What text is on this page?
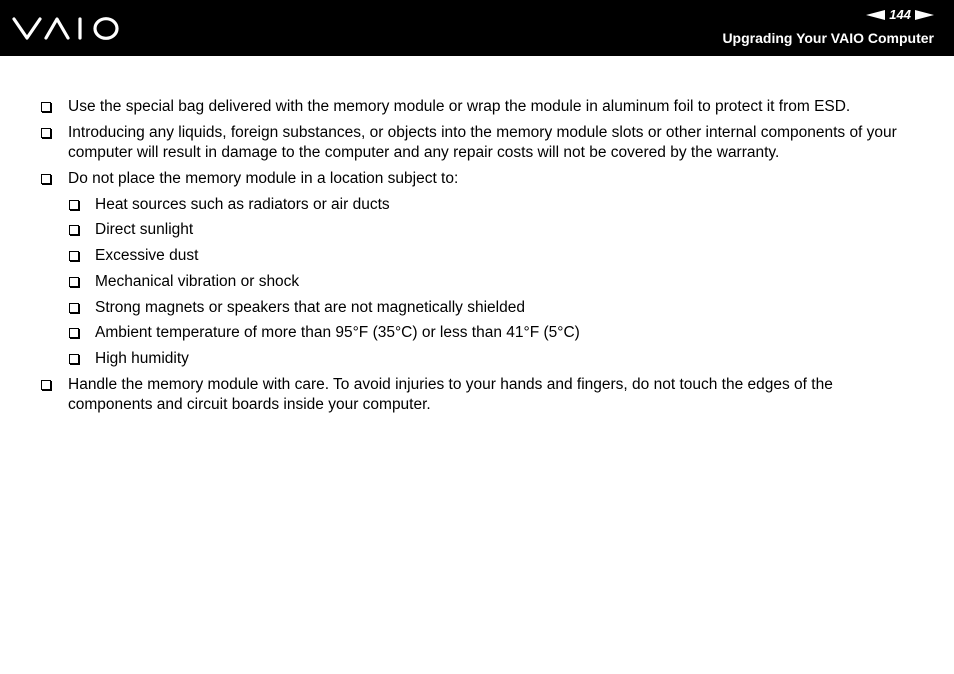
144
Upgrading Your VAIO Computer
Use the special bag delivered with the memory module or wrap the module in aluminum foil to protect it from ESD.
Introducing any liquids, foreign substances, or objects into the memory module slots or other internal components of your computer will result in damage to the computer and any repair costs will not be covered by the warranty.
Do not place the memory module in a location subject to:
Heat sources such as radiators or air ducts
Direct sunlight
Excessive dust
Mechanical vibration or shock
Strong magnets or speakers that are not magnetically shielded
Ambient temperature of more than 95°F (35°C) or less than 41°F (5°C)
High humidity
Handle the memory module with care. To avoid injuries to your hands and fingers, do not touch the edges of the components and circuit boards inside your computer.
